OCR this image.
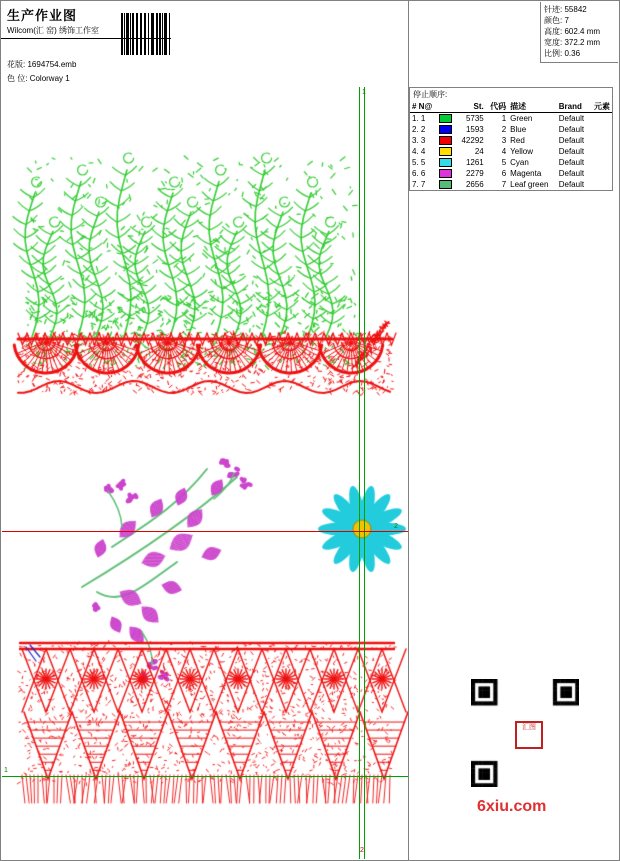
生产作业图
Wilcom(汇 窑) 绣饰工作室
花版: 1694754.emb
色 位: Colorway 1
针迹: 55842
颜色: 7
高度: 602.4 mm
宽度: 372.2 mm
比例: 0.36
停止顺序:
# N@		St.	代码	描述	Brand	元素
1. 1		5735	1	Green	Default	
2. 2		1593	2	Blue	Default	
3. 3		42292	3	Red	Default	
4. 4		24	4	Yellow	Default	
5. 5		1261	5	Cyan	Default	
6. 6		2279	6	Magenta	Default	
7. 7		2656	7	Leaf green	Default	
1
1
2
2
汇图
6xiu.com
